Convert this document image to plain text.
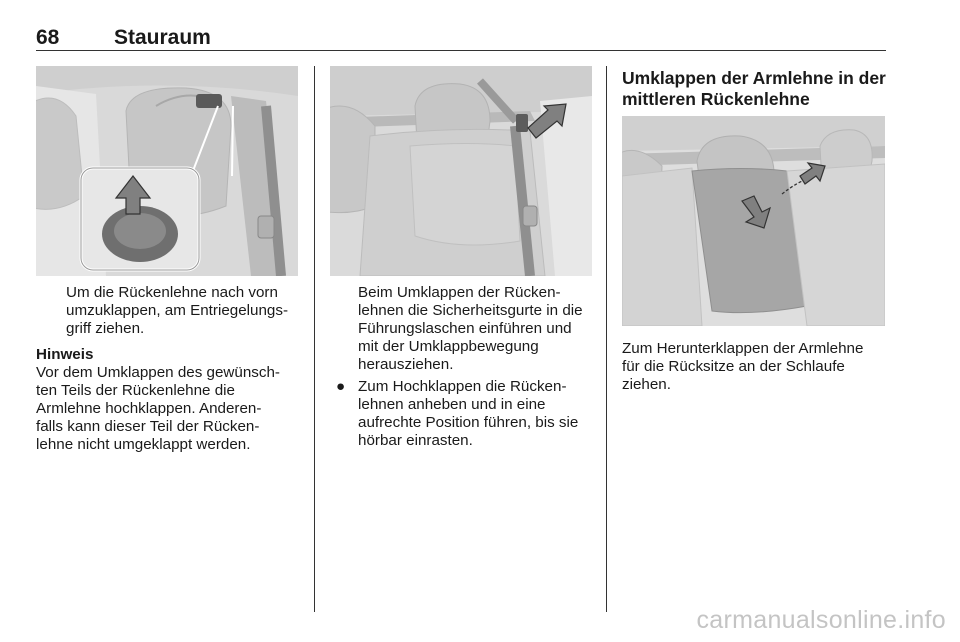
68	Stauraum

Um die Rückenlehne nach vorn

umzuklappen, am Entriegelungs-

griff ziehen.

Hinweis

Vor dem Umklappen des gewünsch-

ten Teils der Rückenlehne die

Armlehne hochklappen. Anderen-

falls kann dieser Teil der Rücken-

lehne nicht umgeklappt werden.

Beim Umklappen der Rücken-

lehnen die Sicherheitsgurte in die

Führungslaschen einführen und

mit der Umklappbewegung

herausziehen.

● Zum Hochklappen die Rücken-

lehnen anheben und in eine

aufrechte Position führen, bis sie

hörbar einrasten.

Umklappen der Armlehne in der

mittleren Rückenlehne

Zum Herunterklappen der Armlehne

für die Rücksitze an der Schlaufe

ziehen.

carmanualsonline.info
